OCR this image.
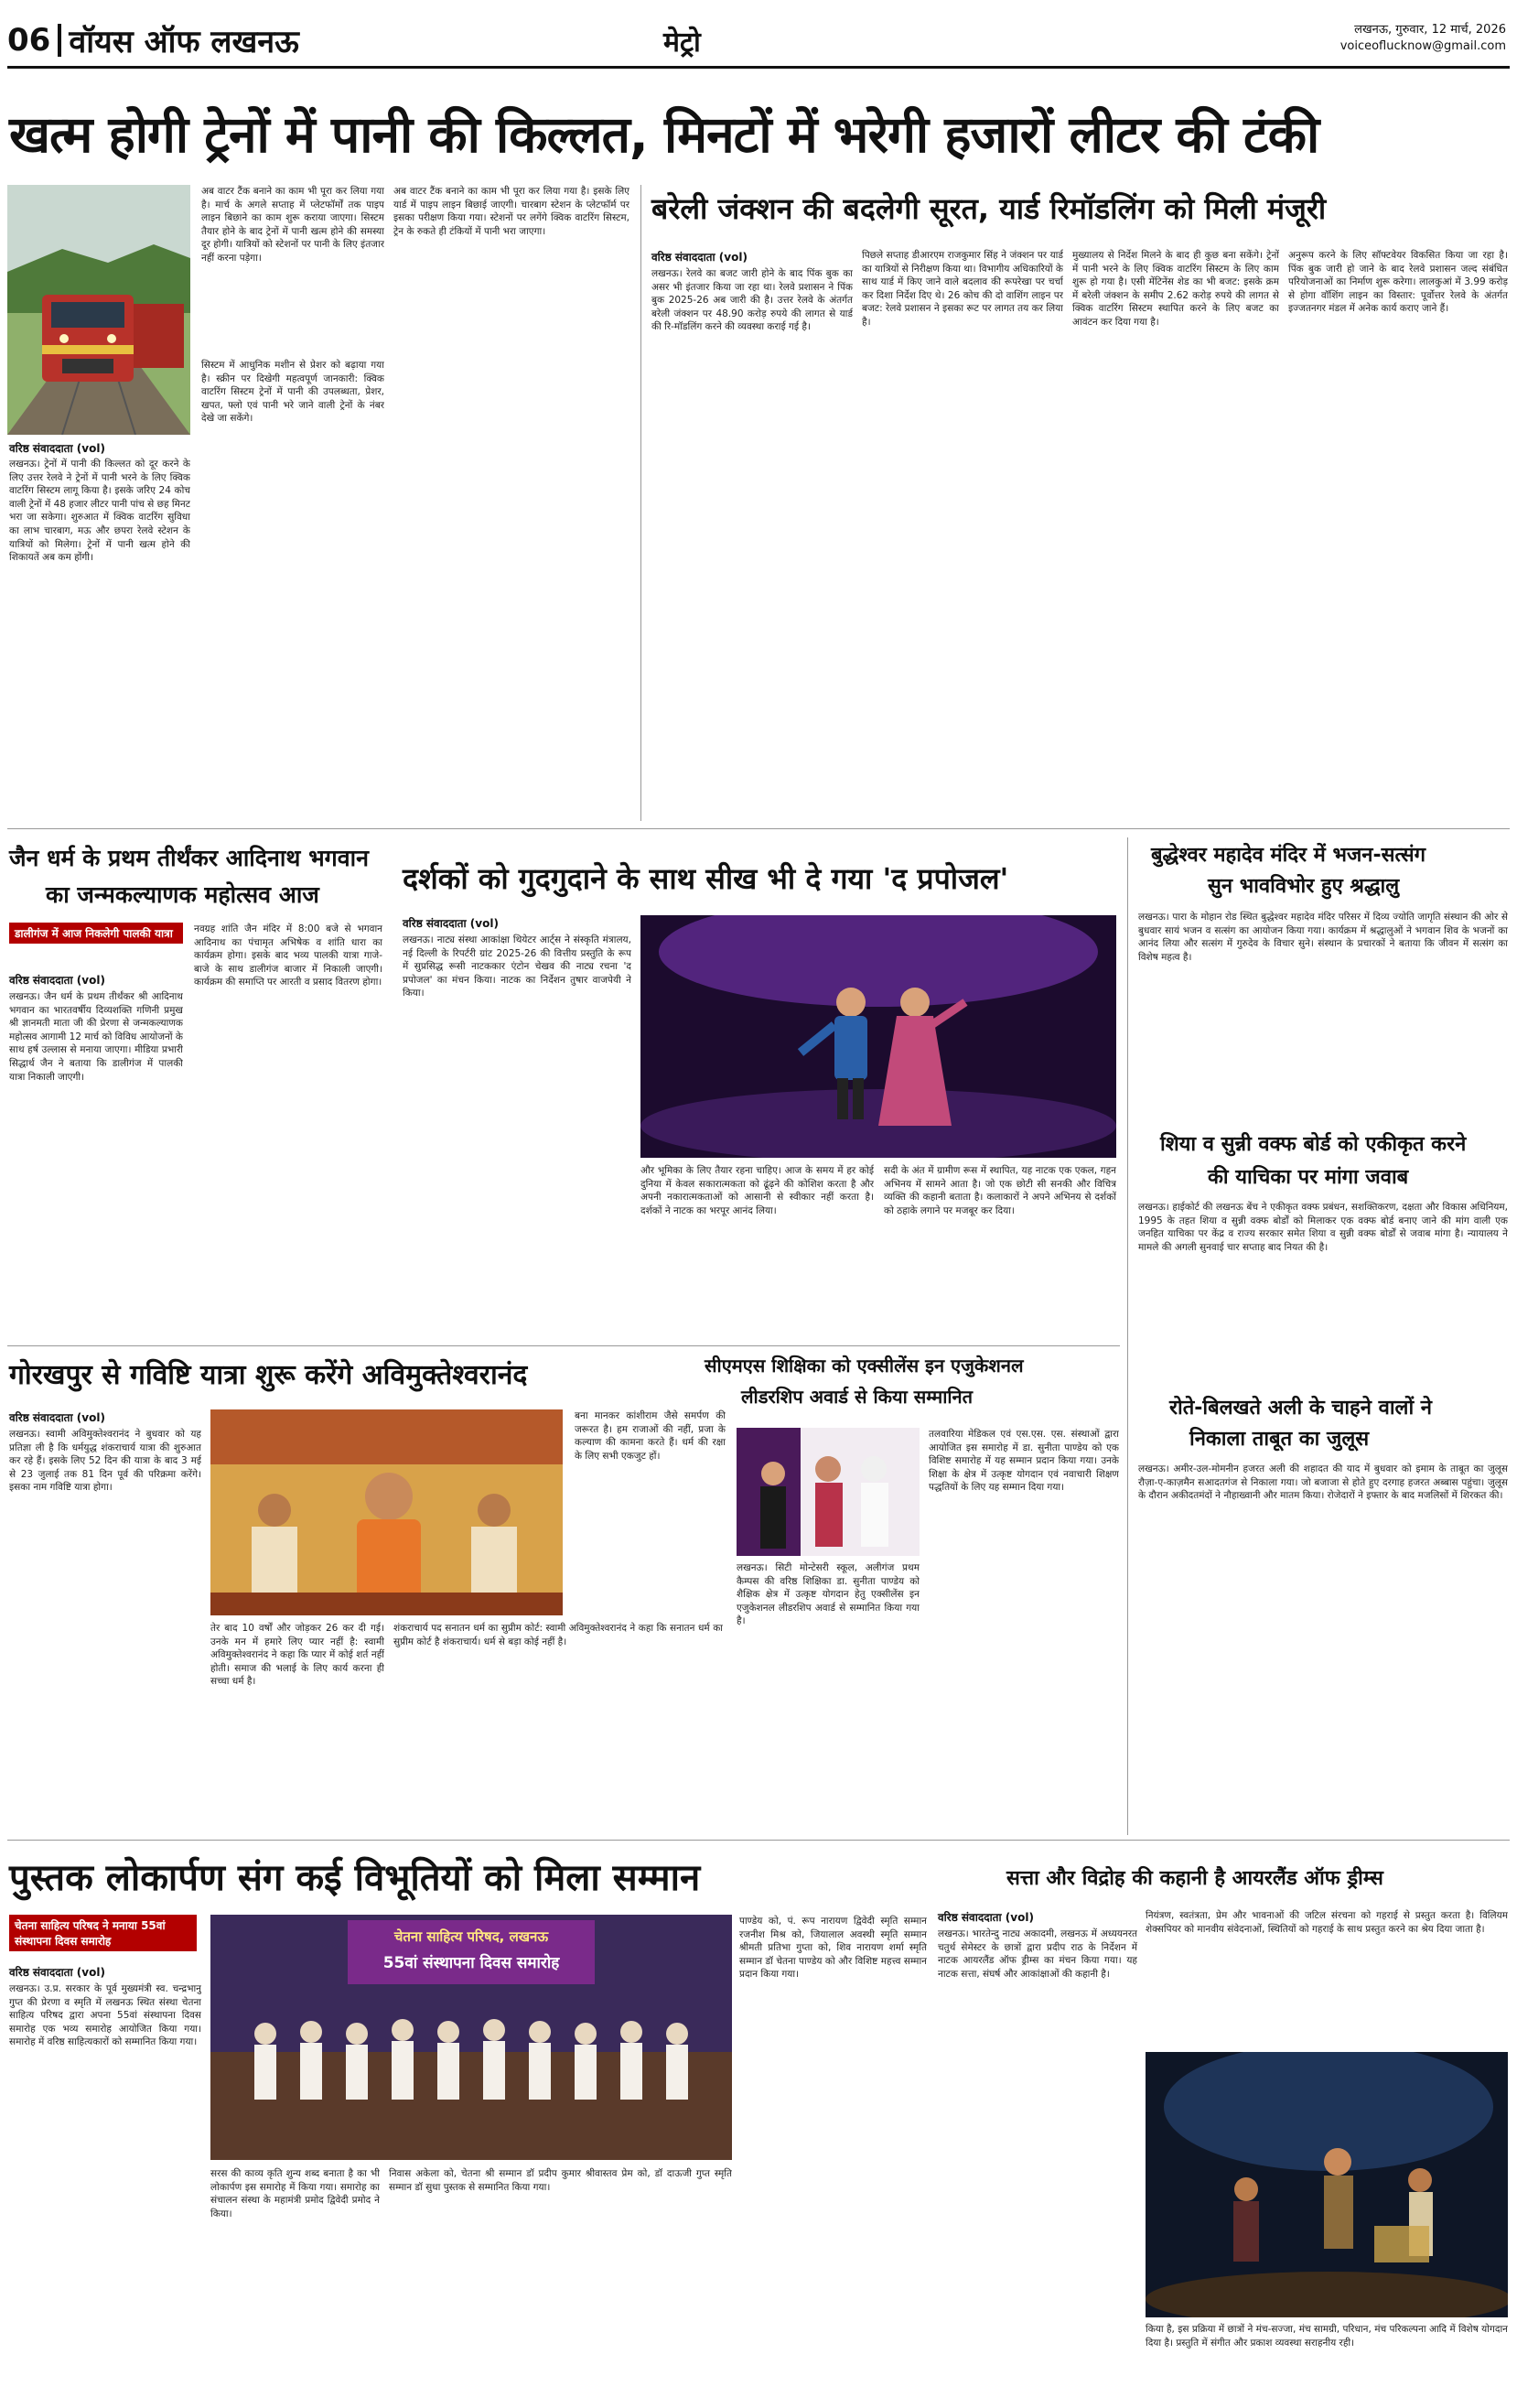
06 वॉयस ऑफ लखनऊ	मेट्रो	लखनऊ, गुरुवार, 12 मार्च, 2026
voiceoflucknow@gmail.com
खत्म होगी ट्रेनों में पानी की किल्लत, मिनटों में भरेगी हजारों लीटर की टंकी
वरिष्ठ संवाददाता (vol)
लखनऊ। ट्रेनों में पानी की किल्लत को दूर करने के लिए उत्तर रेलवे ने ट्रेनों में पानी भरने के लिए क्विक वाटरिंग सिस्टम लागू किया है। इसके जरिए 24 कोच वाली ट्रेनों में 48 हजार लीटर पानी पांच से छह मिनट भरा जा सकेगा। शुरुआत में क्विक वाटरिंग सुविधा का लाभ चारबाग, मऊ और छपरा रेलवे स्टेशन के यात्रियों को मिलेगा। ट्रेनों में पानी खत्म होने की शिकायतें अब कम होंगी।
अब वाटर टैंक बनाने का काम भी पूरा कर लिया गया है। मार्च के अगले सप्ताह में प्लेटफॉर्मों तक पाइप लाइन बिछाने का काम शुरू कराया जाएगा। सिस्टम तैयार होने के बाद ट्रेनों में पानी खत्म होने की समस्या दूर होगी। यात्रियों को स्टेशनों पर पानी के लिए इंतजार नहीं करना पड़ेगा।
सिस्टम में आधुनिक मशीन से प्रेशर को बढ़ाया गया है। स्क्रीन पर दिखेगी महत्वपूर्ण जानकारी: क्विक वाटरिंग सिस्टम ट्रेनों में पानी की उपलब्धता, प्रेशर, खपत, फ्लो एवं पानी भरे जाने वाली ट्रेनों के नंबर देखे जा सकेंगे।
अब वाटर टैंक बनाने का काम भी पूरा कर लिया गया है। इसके लिए यार्ड में पाइप लाइन बिछाई जाएगी। चारबाग स्टेशन के प्लेटफॉर्म पर इसका परीक्षण किया गया। स्टेशनों पर लगेंगे क्विक वाटरिंग सिस्टम, ट्रेन के रुकते ही टंकियों में पानी भरा जाएगा।
बरेली जंक्शन की बदलेगी सूरत, यार्ड रिमॉडलिंग को मिली मंजूरी
वरिष्ठ संवाददाता (vol)
लखनऊ। रेलवे का बजट जारी होने के बाद पिंक बुक का असर भी इंतजार किया जा रहा था। रेलवे प्रशासन ने पिंक बुक 2025-26 अब जारी की है। उत्तर रेलवे के अंतर्गत बरेली जंक्शन पर 48.90 करोड़ रुपये की लागत से यार्ड की रि-मॉडलिंग करने की व्यवस्था कराई गई है।
पिछले सप्ताह डीआरएम राजकुमार सिंह ने जंक्शन पर यार्ड का यात्रियों से निरीक्षण किया था। विभागीय अधिकारियों के साथ यार्ड में किए जाने वाले बदलाव की रूपरेखा पर चर्चा कर दिशा निर्देश दिए थे। 26 कोच की दो वाशिंग लाइन पर बजट: रेलवे प्रशासन ने इसका रूट पर लागत तय कर लिया है।
मुख्यालय से निर्देश मिलने के बाद ही कुछ बना सकेंगे। ट्रेनों में पानी भरने के लिए क्विक वाटरिंग सिस्टम के लिए काम शुरू हो गया है। एसी मेंटिनेंस शेड का भी बजट: इसके क्रम में बरेली जंक्शन के समीप 2.62 करोड़ रुपये की लागत से क्विक वाटरिंग सिस्टम स्थापित करने के लिए बजट का आवंटन कर दिया गया है।
अनुरूप करने के लिए सॉफ्टवेयर विकसित किया जा रहा है। पिंक बुक जारी हो जाने के बाद रेलवे प्रशासन जल्द संबंधित परियोजनाओं का निर्माण शुरू करेगा। लालकुआं में 3.99 करोड़ से होगा वॉशिंग लाइन का विस्तार: पूर्वोत्तर रेलवे के अंतर्गत इज्जतनगर मंडल में अनेक कार्य कराए जाने हैं।
जैन धर्म के प्रथम तीर्थंकर आदिनाथ भगवान
का जन्मकल्याणक महोत्सव आज
डालीगंज में आज निकलेगी पालकी यात्रा
वरिष्ठ संवाददाता (vol)
लखनऊ। जैन धर्म के प्रथम तीर्थंकर श्री आदिनाथ भगवान का भारतवर्षीय दिव्यशक्ति गणिनी प्रमुख श्री ज्ञानमती माता जी की प्रेरणा से जन्मकल्याणक महोत्सव आगामी 12 मार्च को विविध आयोजनों के साथ हर्ष उल्लास से मनाया जाएगा। मीडिया प्रभारी सिद्धार्थ जैन ने बताया कि डालीगंज में पालकी यात्रा निकाली जाएगी।
नवग्रह शांति जैन मंदिर में 8:00 बजे से भगवान आदिनाथ का पंचामृत अभिषेक व शांति धारा का कार्यक्रम होगा। इसके बाद भव्य पालकी यात्रा गाजे-बाजे के साथ डालीगंज बाजार में निकाली जाएगी। कार्यक्रम की समाप्ति पर आरती व प्रसाद वितरण होगा।
दर्शकों को गुदगुदाने के साथ सीख भी दे गया 'द प्रपोजल'
वरिष्ठ संवाददाता (vol)
लखनऊ। नाट्य संस्था आकांक्षा थियेटर आर्ट्स ने संस्कृति मंत्रालय, नई दिल्ली के रिपर्टरी ग्रांट 2025-26 की वित्तीय प्रस्तुति के रूप में सुप्रसिद्ध रूसी नाटककार एंटोन चेखव की नाट्य रचना 'द प्रपोजल' का मंचन किया। नाटक का निर्देशन तुषार वाजपेयी ने किया।
और भूमिका के लिए तैयार रहना चाहिए। आज के समय में हर कोई दुनिया में केवल सकारात्मकता को ढूंढ़ने की कोशिश करता है और अपनी नकारात्मकताओं को आसानी से स्वीकार नहीं करता है। दर्शकों ने नाटक का भरपूर आनंद लिया।
सदी के अंत में ग्रामीण रूस में स्थापित, यह नाटक एक एकल, गहन अभिनय में सामने आता है। जो एक छोटी सी सनकी और विचित्र व्यक्ति की कहानी बताता है। कलाकारों ने अपने अभिनय से दर्शकों को ठहाके लगाने पर मजबूर कर दिया।
बुद्धेश्वर महादेव मंदिर में भजन-सत्संग
सुन भावविभोर हुए श्रद्धालु
लखनऊ। पारा के मोहान रोड स्थित बुद्धेश्वर महादेव मंदिर परिसर में दिव्य ज्योति जागृति संस्थान की ओर से बुधवार सायं भजन व सत्संग का आयोजन किया गया। कार्यक्रम में श्रद्धालुओं ने भगवान शिव के भजनों का आनंद लिया और सत्संग में गुरुदेव के विचार सुने। संस्थान के प्रचारकों ने बताया कि जीवन में सत्संग का विशेष महत्व है।
शिया व सुन्नी वक्फ बोर्ड को एकीकृत करने
की याचिका पर मांगा जवाब
लखनऊ। हाईकोर्ट की लखनऊ बेंच ने एकीकृत वक्फ प्रबंधन, सशक्तिकरण, दक्षता और विकास अधिनियम, 1995 के तहत शिया व सुन्नी वक्फ बोर्डों को मिलाकर एक वक्फ बोर्ड बनाए जाने की मांग वाली एक जनहित याचिका पर केंद्र व राज्य सरकार समेत शिया व सुन्नी वक्फ बोर्डों से जवाब मांगा है। न्यायालय ने मामले की अगली सुनवाई चार सप्ताह बाद नियत की है।
रोते-बिलखते अली के चाहने वालों ने
निकाला ताबूत का जुलूस
लखनऊ। अमीर-उल-मोमनीन हजरत अली की शहादत की याद में बुधवार को इमाम के ताबूत का जुलूस रौज़ा-ए-काज़मैन सआदतगंज से निकाला गया। जो बजाजा से होते हुए दरगाह हजरत अब्बास पहुंचा। जुलूस के दौरान अकीदतमंदों ने नौहाख्वानी और मातम किया। रोजेदारों ने इफ्तार के बाद मजलिसों में शिरकत की।
गोरखपुर से गविष्टि यात्रा शुरू करेंगे अविमुक्तेश्वरानंद
वरिष्ठ संवाददाता (vol)
लखनऊ। स्वामी अविमुक्तेश्वरानंद ने बुधवार को यह प्रतिज्ञा ली है कि धर्मयुद्ध शंकराचार्य यात्रा की शुरुआत कर रहे हैं। इसके लिए 52 दिन की यात्रा के बाद 3 मई से 23 जुलाई तक 81 दिन पूर्व की परिक्रमा करेंगे। इसका नाम गविष्टि यात्रा होगा।
बना मानकर कांशीराम जैसे समर्पण की जरूरत है। हम राजाओं की नहीं, प्रजा के कल्याण की कामना करते हैं। धर्म की रक्षा के लिए सभी एकजुट हों।
तेर बाद 10 वर्षों और जोड़कर 26 कर दी गई। उनके मन में हमारे लिए प्यार नहीं है: स्वामी अविमुक्तेश्वरानंद ने कहा कि प्यार में कोई शर्त नहीं होती। समाज की भलाई के लिए कार्य करना ही सच्चा धर्म है।
शंकराचार्य पद सनातन धर्म का सुप्रीम कोर्ट: स्वामी अविमुक्तेश्वरानंद ने कहा कि सनातन धर्म का सुप्रीम कोर्ट है शंकराचार्य। धर्म से बड़ा कोई नहीं है।
सीएमएस शिक्षिका को एक्सीलेंस इन एजुकेशनल
लीडरशिप अवार्ड से किया सम्मानित
लखनऊ। सिटी मोन्टेसरी स्कूल, अलीगंज प्रथम कैम्पस की वरिष्ठ शिक्षिका डा. सुनीता पाण्डेय को शैक्षिक क्षेत्र में उत्कृष्ट योगदान हेतु एक्सीलेंस इन एजुकेशनल लीडरशिप अवार्ड से सम्मानित किया गया है।
तलवारिया मेडिकल एवं एस.एस. एस. संस्थाओं द्वारा आयोजित इस समारोह में डा. सुनीता पाण्डेय को एक विशिष्ट समारोह में यह सम्मान प्रदान किया गया। उनके शिक्षा के क्षेत्र में उत्कृष्ट योगदान एवं नवाचारी शिक्षण पद्धतियों के लिए यह सम्मान दिया गया।
पुस्तक लोकार्पण संग कई विभूतियों को मिला सम्मान
चेतना साहित्य परिषद ने मनाया 55वां संस्थापना दिवस समारोह
वरिष्ठ संवाददाता (vol)
लखनऊ। उ.प्र. सरकार के पूर्व मुख्यमंत्री स्व. चन्द्रभानु गुप्त की प्रेरणा व स्मृति में लखनऊ स्थित संस्था चेतना साहित्य परिषद द्वारा अपना 55वां संस्थापना दिवस समारोह एक भव्य समारोह आयोजित किया गया। समारोह में वरिष्ठ साहित्यकारों को सम्मानित किया गया।
चेतना साहित्य परिषद, लखनऊ
55वां संस्थापना दिवस समारोह
सरस की काव्य कृति शुन्य शब्द बनाता है का भी लोकार्पण इस समारोह में किया गया। समारोह का संचालन संस्था के महामंत्री प्रमोद द्विवेदी प्रमोद ने किया।
निवास अकेला को, चेतना श्री सम्मान डॉ प्रदीप कुमार श्रीवास्तव प्रेम को, डॉ दाऊजी गुप्त स्मृति सम्मान डॉ सुधा पुस्तक से सम्मानित किया गया।
पाण्डेय को, पं. रूप नारायण द्विवेदी स्मृति सम्मान रजनीश मिश्र को, जियालाल अवस्थी स्मृति सम्मान श्रीमती प्रतिभा गुप्ता को, शिव नारायण शर्मा स्मृति सम्मान डॉ चेतना पाण्डेय को और विशिष्ट महत्त्व सम्मान प्रदान किया गया।
सत्ता और विद्रोह की कहानी है आयरलैंड ऑफ ड्रीम्स
वरिष्ठ संवाददाता (vol)
लखनऊ। भारतेन्दु नाट्य अकादमी, लखनऊ में अध्ययनरत चतुर्थ सेमेस्टर के छात्रों द्वारा प्रदीप राठ के निर्देशन में नाटक आयरलैंड ऑफ ड्रीम्स का मंचन किया गया। यह नाटक सत्ता, संघर्ष और आकांक्षाओं की कहानी है।
नियंत्रण, स्वतंत्रता, प्रेम और भावनाओं की जटिल संरचना को गहराई से प्रस्तुत करता है। विलियम शेक्सपियर को मानवीय संवेदनाओं, स्थितियों को गहराई के साथ प्रस्तुत करने का श्रेय दिया जाता है।
किया है, इस प्रक्रिया में छात्रों ने मंच-सज्जा, मंच सामग्री, परिधान, मंच परिकल्पना आदि में विशेष योगदान दिया है। प्रस्तुति में संगीत और प्रकाश व्यवस्था सराहनीय रही।
